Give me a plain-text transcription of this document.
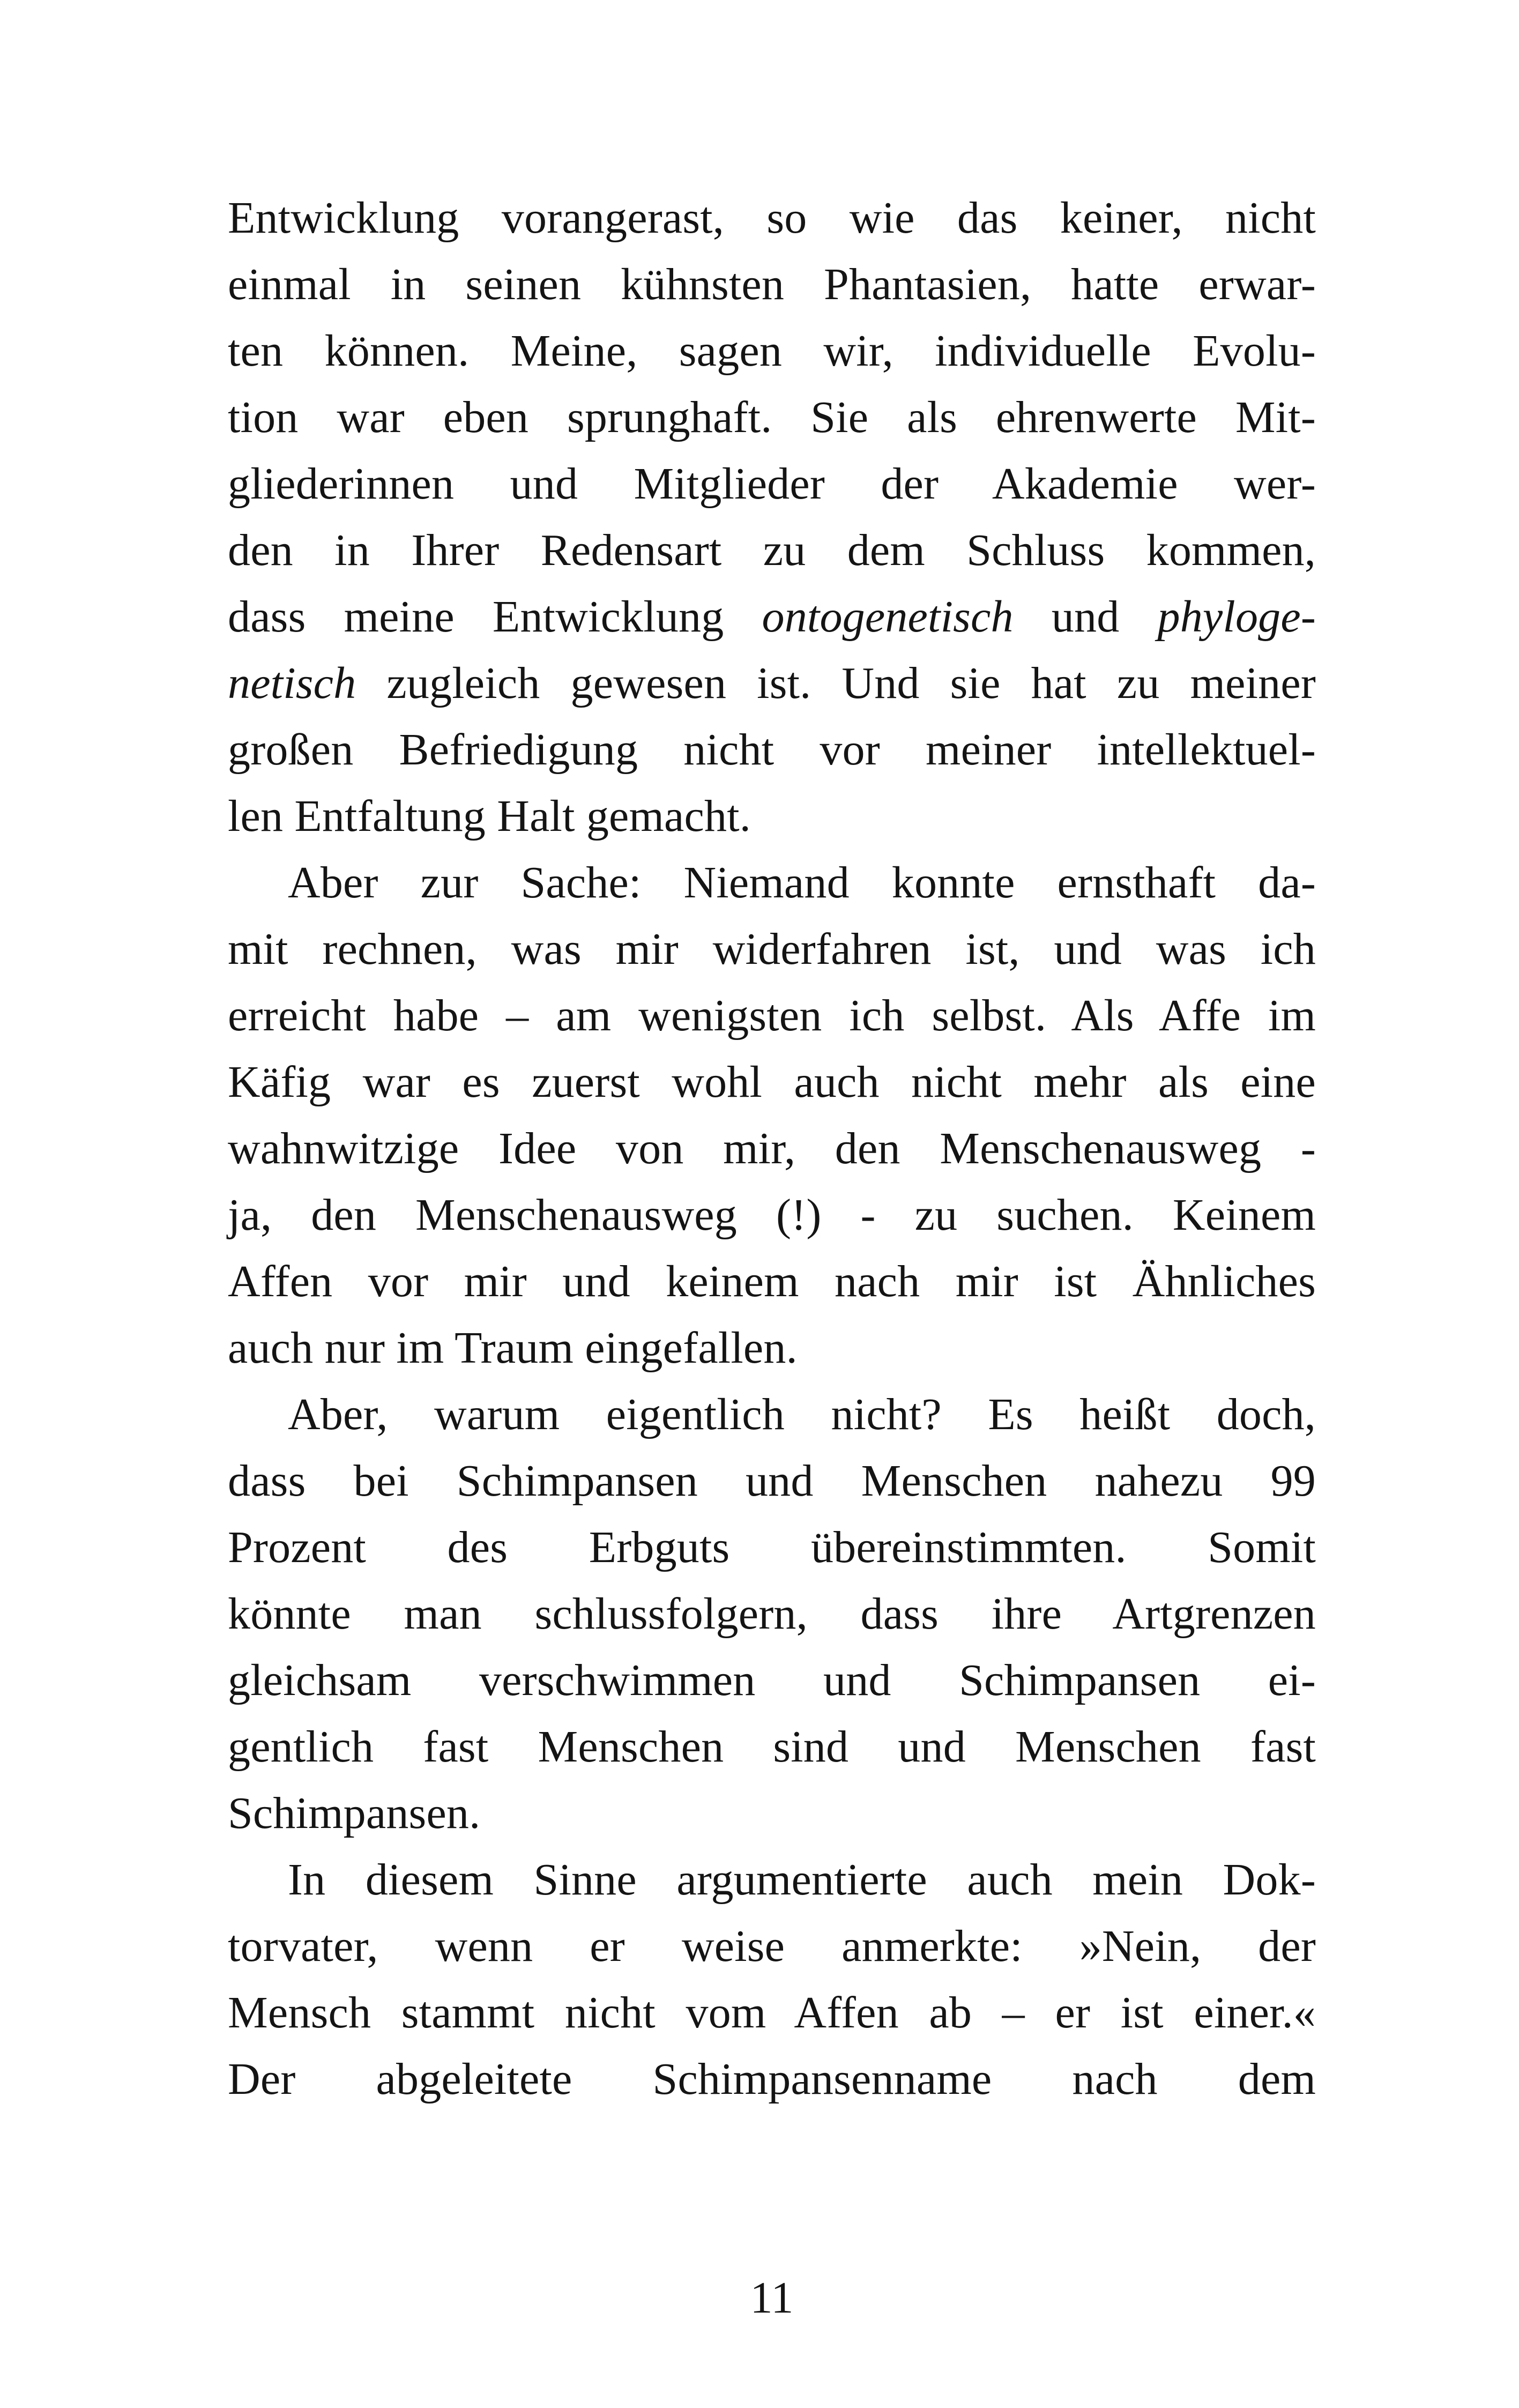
Entwicklung vorangerast, so wie das keiner, nicht
einmal in seinen kühnsten Phantasien, hatte erwar-
ten können. Meine, sagen wir, individuelle Evolu-
tion war eben sprunghaft. Sie als ehrenwerte Mit-
gliederinnen und Mitglieder der Akademie wer-
den in Ihrer Redensart zu dem Schluss kommen,
dass meine Entwicklung ontogenetisch und phyloge-
netisch zugleich gewesen ist. Und sie hat zu meiner
großen Befriedigung nicht vor meiner intellektuel-
len Entfaltung Halt gemacht.
Aber zur Sache: Niemand konnte ernsthaft da-
mit rechnen, was mir widerfahren ist, und was ich
erreicht habe – am wenigsten ich selbst. Als Affe im
Käfig war es zuerst wohl auch nicht mehr als eine
wahnwitzige Idee von mir, den Menschenausweg -
ja, den Menschenausweg (!) - zu suchen. Keinem
Affen vor mir und keinem nach mir ist Ähnliches
auch nur im Traum eingefallen.
Aber, warum eigentlich nicht? Es heißt doch,
dass bei Schimpansen und Menschen nahezu 99
Prozent des Erbguts übereinstimmten. Somit
könnte man schlussfolgern, dass ihre Artgrenzen
gleichsam verschwimmen und Schimpansen ei-
gentlich fast Menschen sind und Menschen fast
Schimpansen.
In diesem Sinne argumentierte auch mein Dok-
torvater, wenn er weise anmerkte: »Nein, der
Mensch stammt nicht vom Affen ab – er ist einer.«
Der abgeleitete Schimpansenname nach dem
11
